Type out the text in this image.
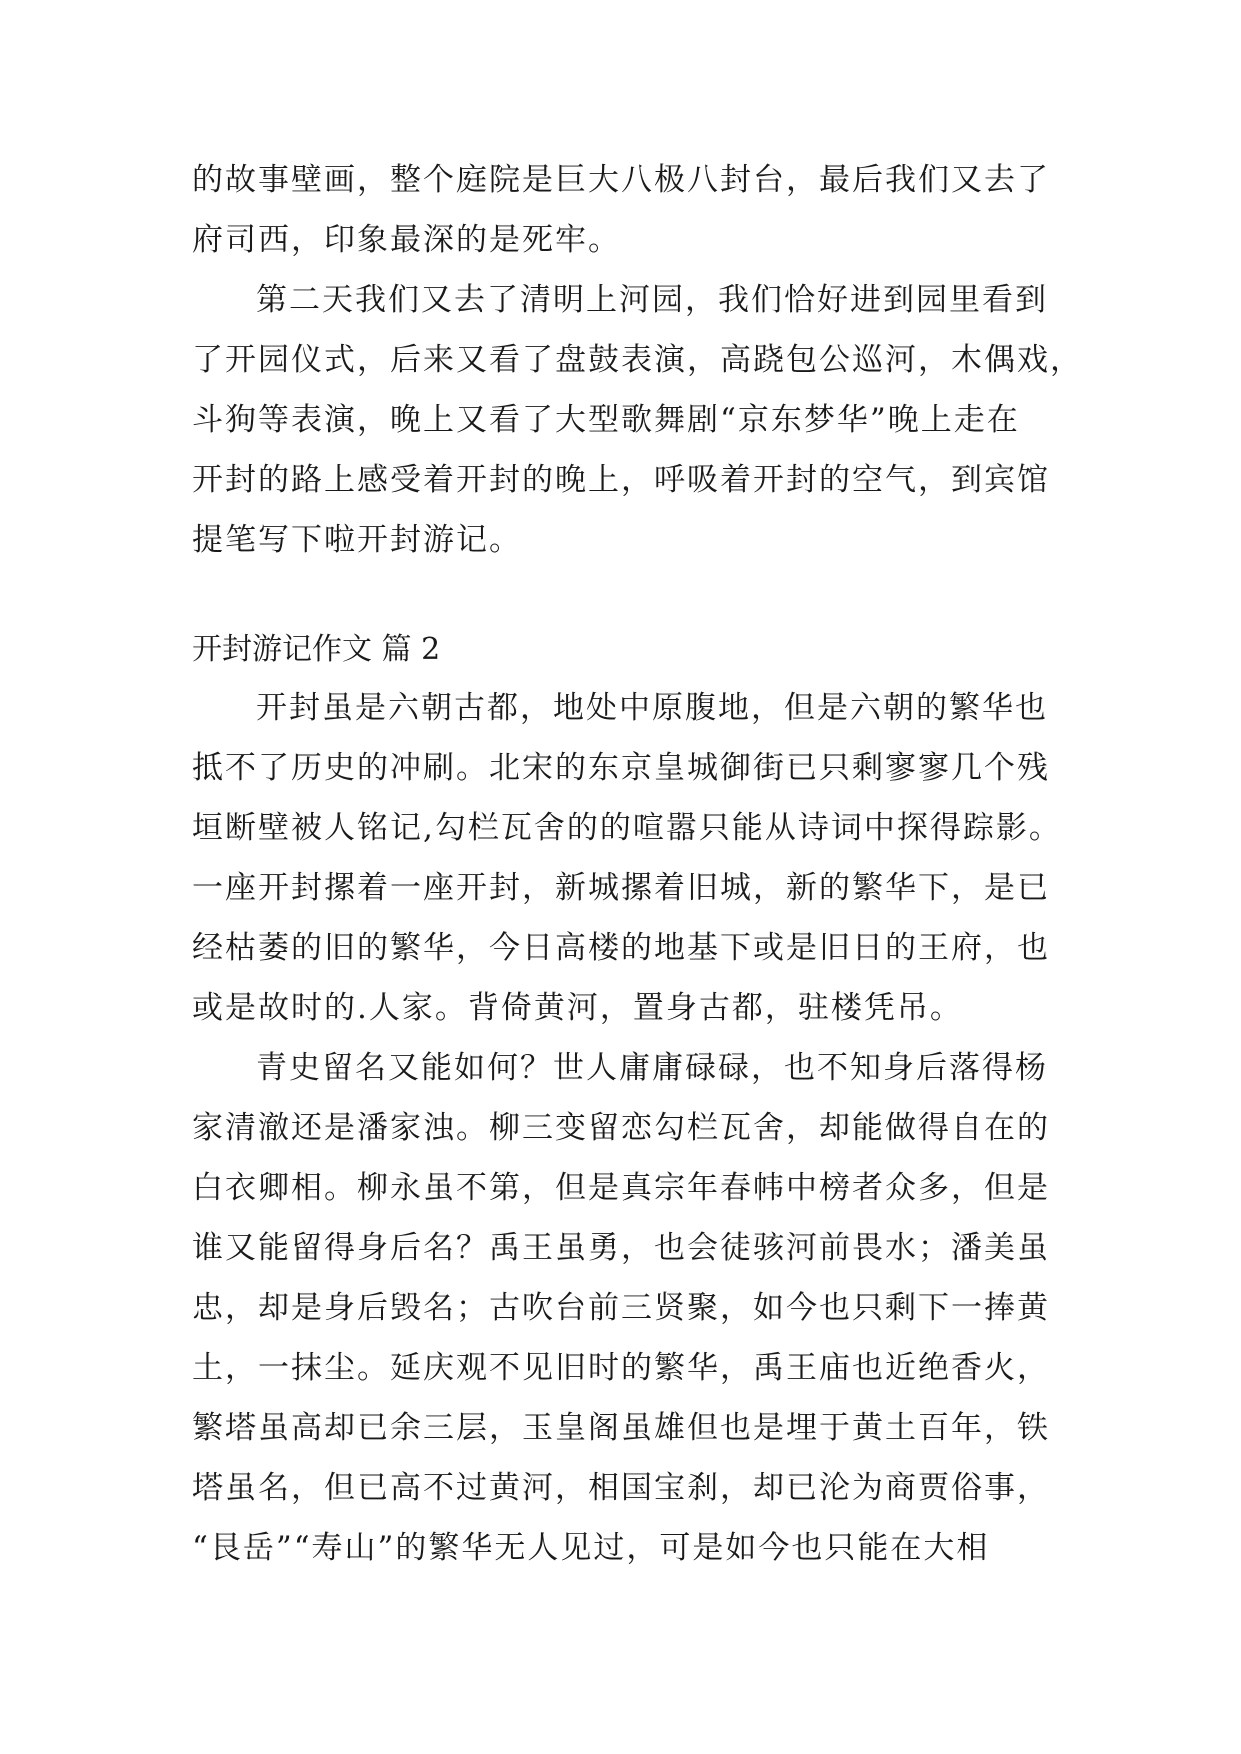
的故事壁画，整个庭院是巨大八极八封台，最后我们又去了
府司西，印象最深的是死牢。
第二天我们又去了清明上河园，我们恰好进到园里看到
了开园仪式，后来又看了盘鼓表演，高跷包公巡河，木偶戏，
斗狗等表演，晚上又看了大型歌舞剧“京东梦华”晚上走在
开封的路上感受着开封的晚上，呼吸着开封的空气，到宾馆
提笔写下啦开封游记。
开封游记作文 篇 2
开封虽是六朝古都，地处中原腹地，但是六朝的繁华也
抵不了历史的冲刷。北宋的东京皇城御街已只剩寥寥几个残
垣断壁被人铭记,勾栏瓦舍的的喧嚣只能从诗词中探得踪影。
一座开封摞着一座开封，新城摞着旧城，新的繁华下，是已
经枯萎的旧的繁华，今日高楼的地基下或是旧日的王府，也
或是故时的.人家。背倚黄河，置身古都，驻楼凭吊。
青史留名又能如何？世人庸庸碌碌，也不知身后落得杨
家清澈还是潘家浊。柳三变留恋勾栏瓦舍，却能做得自在的
白衣卿相。柳永虽不第，但是真宗年春帏中榜者众多，但是
谁又能留得身后名？禹王虽勇，也会徒骇河前畏水；潘美虽
忠，却是身后毁名；古吹台前三贤聚，如今也只剩下一捧黄
土，一抹尘。延庆观不见旧时的繁华，禹王庙也近绝香火，
繁塔虽高却已余三层，玉皇阁虽雄但也是埋于黄土百年，铁
塔虽名，但已高不过黄河，相国宝刹，却已沦为商贾俗事，
“艮岳”“寿山”的繁华无人见过，可是如今也只能在大相
